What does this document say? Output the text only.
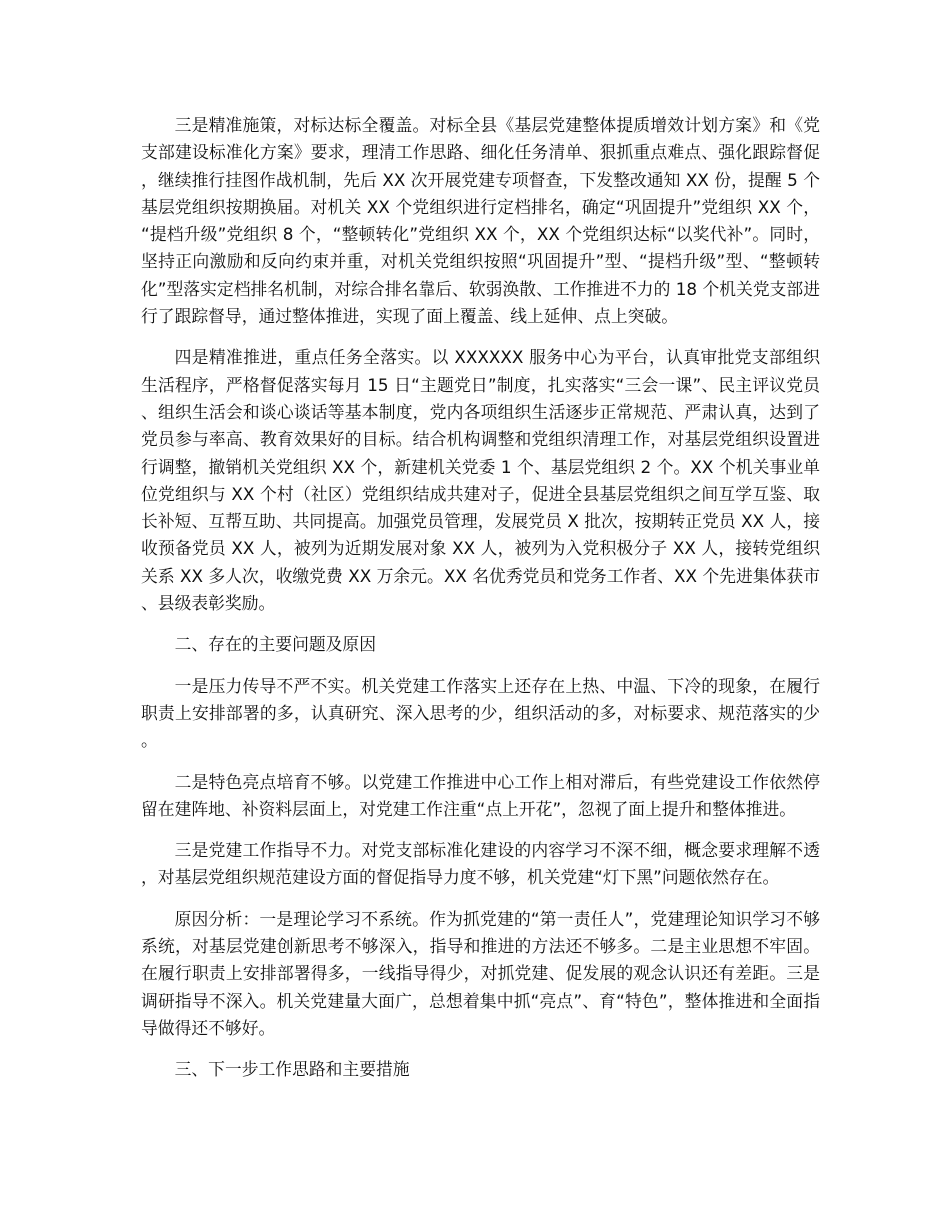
三是精准施策，对标达标全覆盖。对标全县《基层党建整体提质增效计划方案》和《党支部建设标准化方案》要求，理清工作思路、细化任务清单、狠抓重点难点、强化跟踪督促，继续推行挂图作战机制，先后 XX 次开展党建专项督查，下发整改通知 XX 份，提醒 5 个基层党组织按期换届。对机关 XX 个党组织进行定档排名，确定“巩固提升”党组织 XX 个，“提档升级”党组织 8 个，“整顿转化”党组织 XX 个，XX 个党组织达标“以奖代补”。同时，坚持正向激励和反向约束并重，对机关党组织按照“巩固提升”型、“提档升级”型、“整顿转化”型落实定档排名机制，对综合排名靠后、软弱涣散、工作推进不力的 18 个机关党支部进行了跟踪督导，通过整体推进，实现了面上覆盖、线上延伸、点上突破。

四是精准推进，重点任务全落实。以 XXXXXX 服务中心为平台，认真审批党支部组织生活程序，严格督促落实每月 15 日“主题党日”制度，扎实落实“三会一课”、民主评议党员、组织生活会和谈心谈话等基本制度，党内各项组织生活逐步正常规范、严肃认真，达到了党员参与率高、教育效果好的目标。结合机构调整和党组织清理工作，对基层党组织设置进行调整，撤销机关党组织 XX 个，新建机关党委 1 个、基层党组织 2 个。XX 个机关事业单位党组织与 XX 个村（社区）党组织结成共建对子，促进全县基层党组织之间互学互鉴、取长补短、互帮互助、共同提高。加强党员管理，发展党员 X 批次，按期转正党员 XX 人，接收预备党员 XX 人，被列为近期发展对象 XX 人，被列为入党积极分子 XX 人，接转党组织关系 XX 多人次，收缴党费 XX 万余元。XX 名优秀党员和党务工作者、XX 个先进集体获市、县级表彰奖励。

二、存在的主要问题及原因

一是压力传导不严不实。机关党建工作落实上还存在上热、中温、下冷的现象，在履行职责上安排部署的多，认真研究、深入思考的少，组织活动的多，对标要求、规范落实的少。

二是特色亮点培育不够。以党建工作推进中心工作上相对滞后，有些党建设工作依然停留在建阵地、补资料层面上，对党建工作注重“点上开花”，忽视了面上提升和整体推进。

三是党建工作指导不力。对党支部标准化建设的内容学习不深不细，概念要求理解不透，对基层党组织规范建设方面的督促指导力度不够，机关党建“灯下黑”问题依然存在。

原因分析：一是理论学习不系统。作为抓党建的“第一责任人”，党建理论知识学习不够系统，对基层党建创新思考不够深入，指导和推进的方法还不够多。二是主业思想不牢固。在履行职责上安排部署得多，一线指导得少，对抓党建、促发展的观念认识还有差距。三是调研指导不深入。机关党建量大面广，总想着集中抓“亮点”、育“特色”，整体推进和全面指导做得还不够好。

三、下一步工作思路和主要措施
